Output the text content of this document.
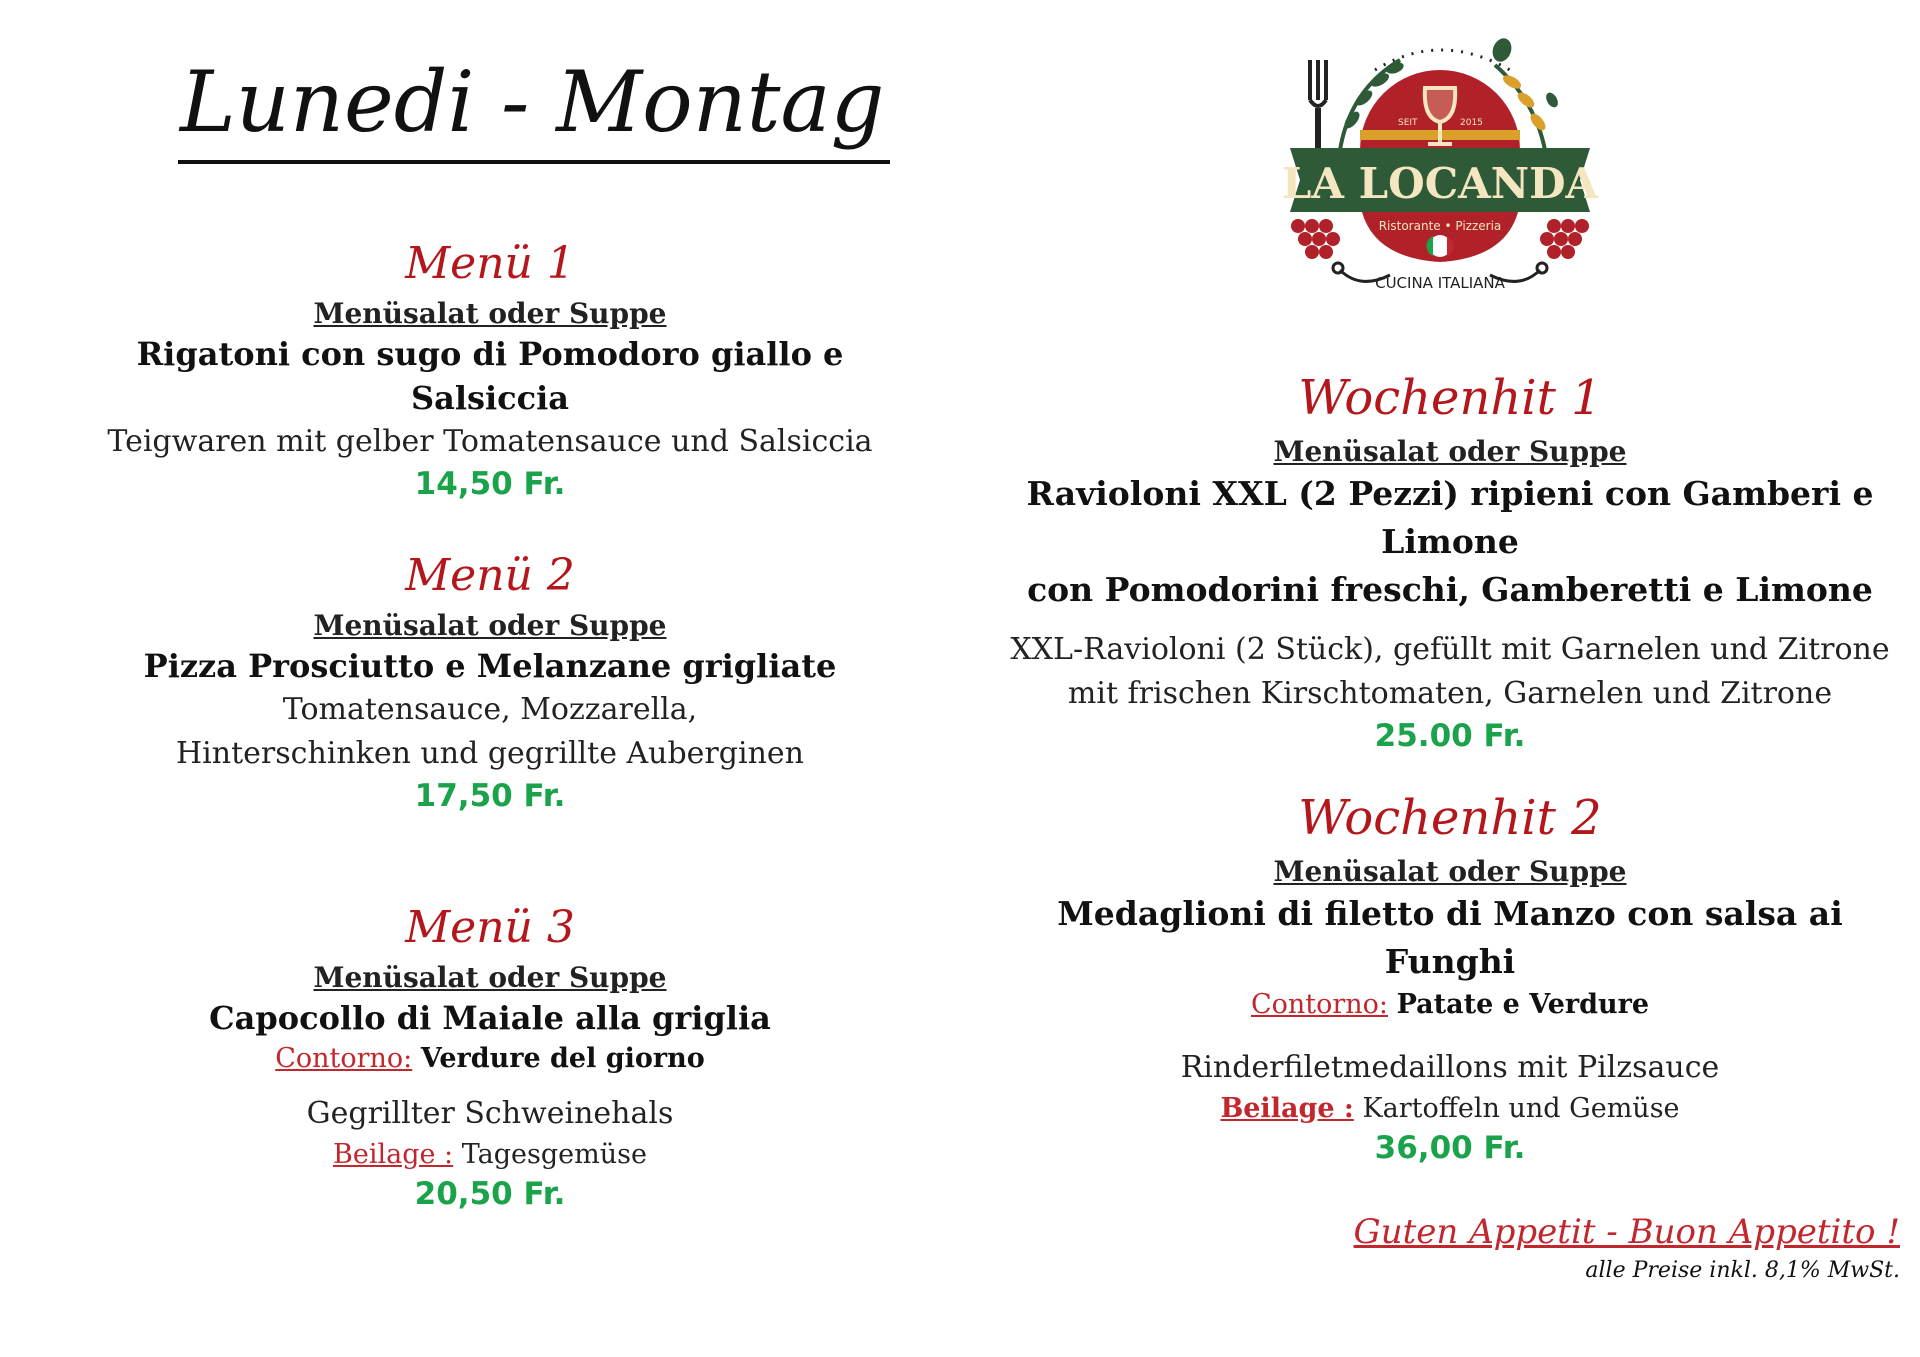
Lunedi - Montag	SEIT	2015
LA LOCANDA
Ristorante • Pizzeria
CUCINA ITALIANA
Menü 1
Menüsalat oder Suppe
Rigatoni con sugo di Pomodoro giallo e Salsiccia
Teigwaren mit gelber Tomatensauce und Salsiccia
14,50 Fr.
Menü 2
Menüsalat oder Suppe
Pizza Prosciutto e Melanzane grigliate
Tomatensauce, Mozzarella,
Hinterschinken und gegrillte Auberginen
17,50 Fr.
Menü 3
Menüsalat oder Suppe
Capocollo di Maiale alla griglia
Contorno: Verdure del giorno
Gegrillter Schweinehals
Beilage : Tagesgemüse
20,50 Fr.
Wochenhit 1
Menüsalat oder Suppe
Ravioloni XXL (2 Pezzi) ripieni con Gamberi e Limone
con Pomodorini freschi, Gamberetti e Limone
XXL-Ravioloni (2 Stück), gefüllt mit Garnelen und Zitrone
mit frischen Kirschtomaten, Garnelen und Zitrone
25.00 Fr.
Wochenhit 2
Menüsalat oder Suppe
Medaglioni di filetto di Manzo con salsa ai Funghi
Contorno: Patate e Verdure
Rinderfiletmedaillons mit Pilzsauce
Beilage : Kartoffeln und Gemüse
36,00 Fr.
Guten Appetit - Buon Appetito !
alle Preise inkl. 8,1% MwSt.
